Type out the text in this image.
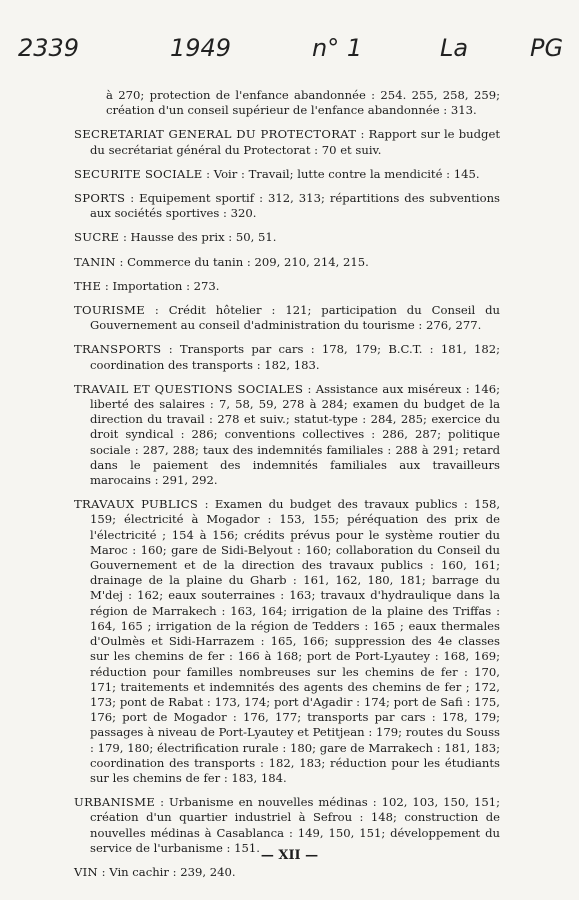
2339	1949	n° 1	La	PG
à 270; protection de l'enfance abandonnée : 254. 255, 258, 259; création d'un conseil supérieur de l'enfance abandonnée : 313.
SECRETARIAT GENERAL DU PROTECTORAT : Rapport sur le budget du secrétariat général du Protectorat : 70 et suiv.
SECURITE SOCIALE : Voir : Travail; lutte contre la mendicité : 145.
SPORTS : Equipement sportif : 312, 313; répartitions des subventions aux sociétés sportives : 320.
SUCRE : Hausse des prix : 50, 51.
TANIN : Commerce du tanin : 209, 210, 214, 215.
THE : Importation : 273.
TOURISME : Crédit hôtelier : 121; participation du Conseil du Gouvernement au conseil d'administration du tourisme : 276, 277.
TRANSPORTS : Transports par cars : 178, 179; B.C.T. : 181, 182; coordination des transports : 182, 183.
TRAVAIL ET QUESTIONS SOCIALES : Assistance aux miséreux : 146; liberté des salaires : 7, 58, 59, 278 à 284; examen du budget de la direction du travail : 278 et suiv.; statut-type : 284, 285; exercice du droit syndical : 286; conventions collectives : 286, 287; politique sociale : 287, 288; taux des indemnités familiales : 288 à 291; retard dans le paiement des indemnités familiales aux travailleurs marocains : 291, 292.
TRAVAUX PUBLICS : Examen du budget des travaux publics : 158, 159; électricité à Mogador : 153, 155; péréquation des prix de l'électricité ; 154 à 156; crédits prévus pour le système routier du Maroc : 160; gare de Sidi-Belyout : 160; collaboration du Conseil du Gouvernement et de la direction des travaux publics : 160, 161; drainage de la plaine du Gharb : 161, 162, 180, 181; barrage du M'dej : 162; eaux souterraines : 163; travaux d'hydraulique dans la région de Marrakech : 163, 164; irrigation de la plaine des Triffas : 164, 165 ; irrigation de la région de Tedders : 165 ; eaux thermales d'Oulmès et Sidi-Harrazem : 165, 166; suppression des 4e classes sur les chemins de fer : 166 à 168; port de Port-Lyautey : 168, 169; réduction pour familles nombreuses sur les chemins de fer : 170, 171; traitements et indemnités des agents des chemins de fer ; 172, 173; pont de Rabat : 173, 174; port d'Agadir : 174; port de Safi : 175, 176; port de Mogador : 176, 177; transports par cars : 178, 179; passages à niveau de Port-Lyautey et Petitjean : 179; routes du Souss : 179, 180; électrification rurale : 180; gare de Marrakech : 181, 183; coordination des transports : 182, 183; réduction pour les étudiants sur les chemins de fer : 183, 184.
URBANISME : Urbanisme en nouvelles médinas : 102, 103, 150, 151; création d'un quartier industriel à Sefrou : 148; construction de nouvelles médinas à Casablanca : 149, 150, 151; développement du service de l'urbanisme : 151.
VIN : Vin cachir : 239, 240.
— XII —
